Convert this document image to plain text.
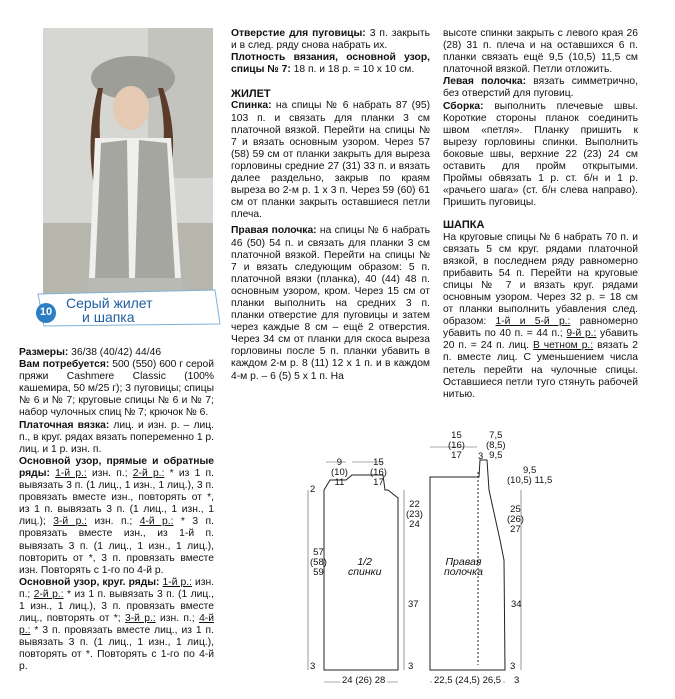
10
Серый жилет
и шапка

Размеры: 36/38 (40/42) 44/46

Вам потребуется: 500 (550) 600 г серой пряжи Cashmere Classic (100% кашемира, 50 м/25 г); 3 пуговицы; спицы № 6 и № 7; круговые спицы № 6 и № 7; набор чулочных спиц № 7; крючок № 6.

Платочная вязка: лиц. и изн. р. – лиц. п., в круг. рядах вязать попеременно 1 р. лиц. и 1 р. изн. п.

Основной узор, прямые и обратные ряды: 1-й р.: изн. п.; 2-й р.: * из 1 п. вывязать 3 п. (1 лиц., 1 изн., 1 лиц.), 3 п. провязать вместе изн., повторять от *, из 1 п. вывязать 3 п. (1 лиц., 1 изн., 1 лиц.); 3-й р.: изн. п.; 4-й р.: * 3 п. провязать вместе изн., из 1-й п. вывязать 3 п. (1 лиц., 1 изн., 1 лиц.), повторить от *, 3 п. провязать вместе изн. Повторять с 1-го по 4-й р.

Основной узор, круг. ряды: 1-й р.: изн. п.; 2-й р.: * из 1 п. вывязать 3 п. (1 лиц., 1 изн., 1 лиц.), 3 п. провязать вместе лиц., повторять от *; 3-й р.: изн. п.; 4-й р.: * 3 п. провязать вместе лиц., из 1 п. вывязать 3 п. (1 лиц., 1 изн., 1 лиц.), повторять от *. Повторять с 1-го по 4-й р.

Отверстие для пуговицы: 3 п. закрыть и в след. ряду снова набрать их.

Плотность вязания, основной узор, спицы № 7: 18 п. и 18 р. = 10 х 10 см.

ЖИЛЕТ

Спинка: на спицы № 6 набрать 87 (95) 103 п. и связать для планки 3 см платочной вязкой. Перейти на спицы № 7 и вязать основным узором. Через 57 (58) 59 см от планки закрыть для выреза горловины средние 27 (31) 33 п. и вязать далее раздельно, закрыв по краям выреза во 2-м р. 1 х 3 п. Через 59 (60) 61 см от планки закрыть оставшиеся петли плеча.

Правая полочка: на спицы № 6 набрать 46 (50) 54 п. и связать для планки 3 см платочной вязкой. Перейти на спицы № 7 и вязать следующим образом: 5 п. платочной вязки (планка), 40 (44) 48 п. основным узором, кром. Через 15 см от планки выполнить на средних 3 п. планки отверстие для пуговицы и затем через каждые 8 см – ещё 2 отверстия. Через 34 см от планки для скоса выреза горловины после 5 п. планки убавить в каждом 2-м р. 8 (11) 12 х 1 п. и в каждом 4-м р. – 6 (5) 5 х 1 п. На

высоте спинки закрыть с левого края 26 (28) 31 п. плеча и на оставшихся 6 п. планки связать ещё 9,5 (10,5) 11,5 см платочной вязкой. Петли отложить.

Левая полочка: вязать симметрично, без отверстий для пуговиц.

Сборка: выполнить плечевые швы. Короткие стороны планок соединить швом «петля». Планку пришить к вырезу горловины спинки. Выполнить боковые швы, верхние 22 (23) 24 см оставить для пройм открытыми. Проймы обвязать 1 р. ст. б/н и 1 р. «рачьего шага» (ст. б/н слева направо). Пришить пуговицы.

ШАПКА

На круговые спицы № 6 набрать 70 п. и связать 5 см круг. рядами платочной вязкой, в последнем ряду равномерно прибавить 54 п. Перейти на круговые спицы № 7 и вязать круг. рядами основным узором. Через 32 р. = 18 см от планки выполнить убавления след. образом: 1-й и 5-й р.: равномерно убавить по 40 п. = 44 п.; 9-й р.: убавить 20 п. = 24 п. лиц. В четном р.: вязать 2 п. вместе лиц. С уменьшением числа петель перейти на чулочные спицы. Оставшиеся петли туго стянуть рабочей нитью.

9
(10)
11
15
(16)
17
2
57
(58)
59
22
(23)
24
37
3	3
1/2
спинки
24 (26) 28
15
(16)
17	3
7,5
(8,5)
9,5
9,5
(10,5) 11,5
25
(26)
27
34
3
Правая
полочка
22,5 (24,5) 26,5 3
